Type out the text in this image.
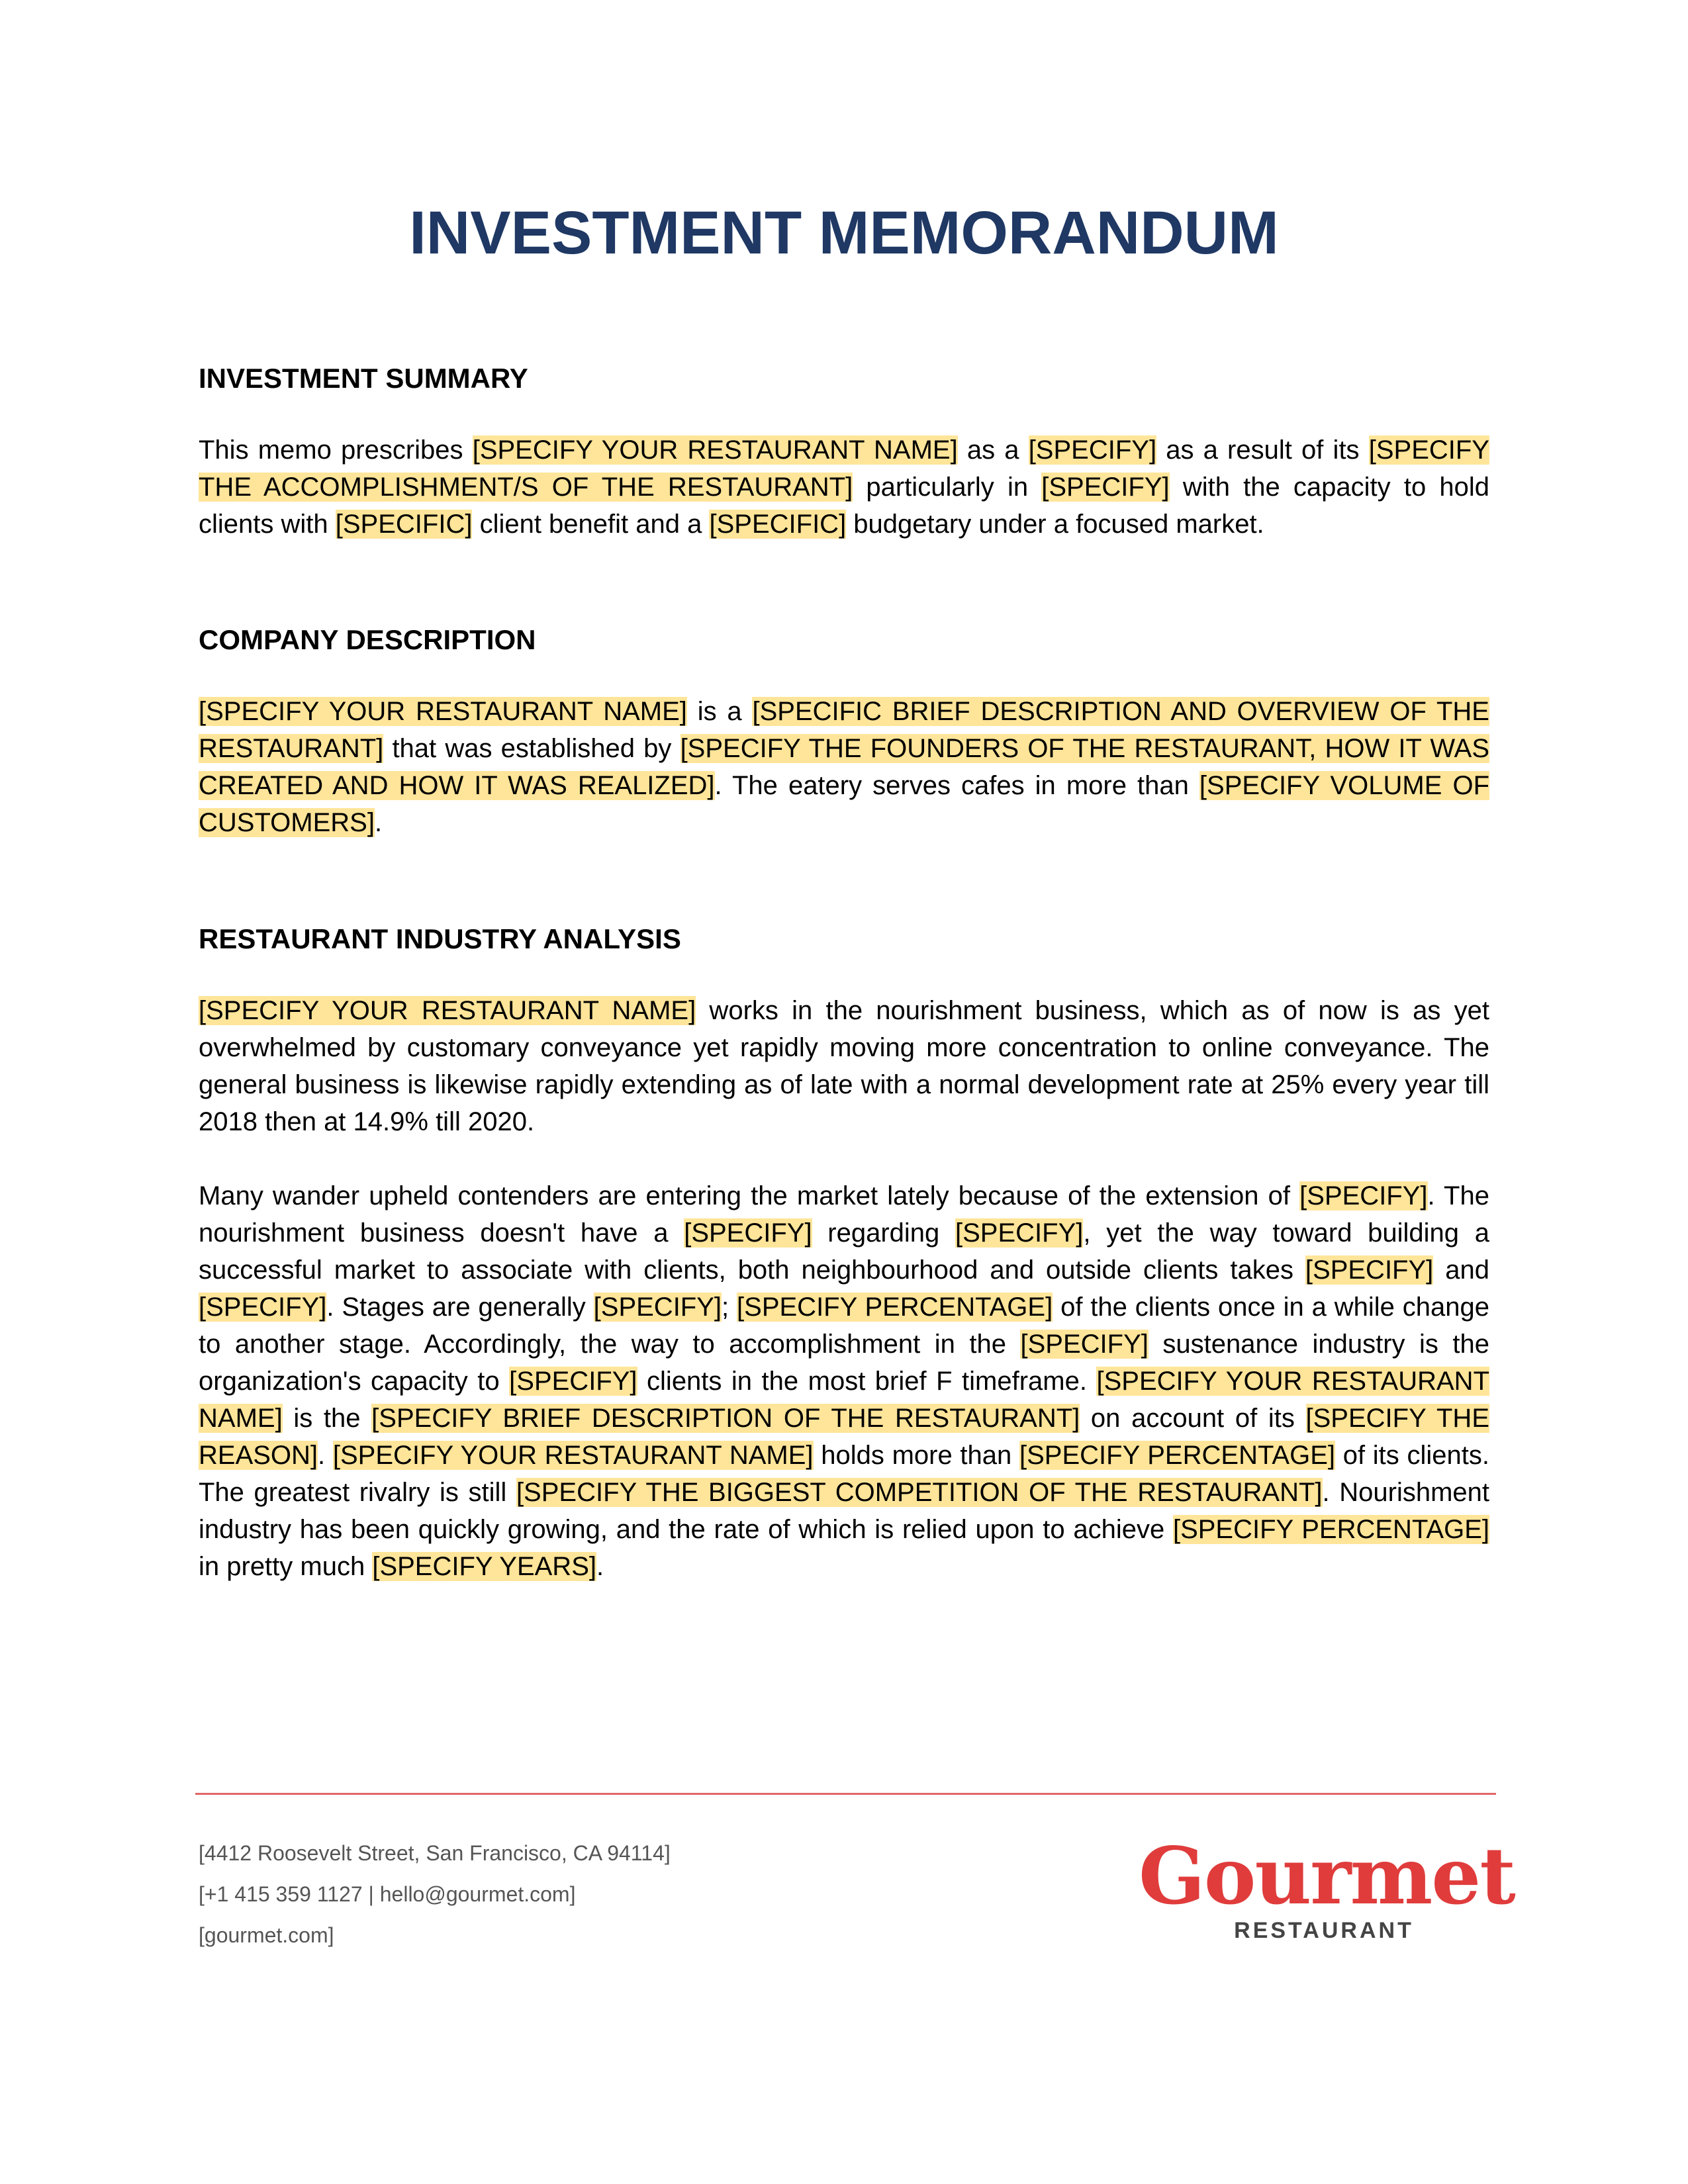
INVESTMENT MEMORANDUM
INVESTMENT SUMMARY

This memo prescribes [SPECIFY YOUR RESTAURANT NAME] as a [SPECIFY] as a result of its [SPECIFY THE ACCOMPLISHMENT/S OF THE RESTAURANT] particularly in [SPECIFY] with the capacity to hold clients with [SPECIFIC] client benefit and a [SPECIFIC] budgetary under a focused market.

COMPANY DESCRIPTION

[SPECIFY YOUR RESTAURANT NAME] is a [SPECIFIC BRIEF DESCRIPTION AND OVERVIEW OF THE RESTAURANT] that was established by [SPECIFY THE FOUNDERS OF THE RESTAURANT, HOW IT WAS CREATED AND HOW IT WAS REALIZED]. The eatery serves cafes in more than [SPECIFY VOLUME OF CUSTOMERS].

RESTAURANT INDUSTRY ANALYSIS

[SPECIFY YOUR RESTAURANT NAME] works in the nourishment business, which as of now is as yet overwhelmed by customary conveyance yet rapidly moving more concentration to online conveyance. The general business is likewise rapidly extending as of late with a normal development rate at 25% every year till 2018 then at 14.9% till 2020.

Many wander upheld contenders are entering the market lately because of the extension of [SPECIFY]. The nourishment business doesn't have a [SPECIFY] regarding [SPECIFY], yet the way toward building a successful market to associate with clients, both neighbourhood and outside clients takes [SPECIFY] and [SPECIFY]. Stages are generally [SPECIFY]; [SPECIFY PERCENTAGE] of the clients once in a while change to another stage. Accordingly, the way to accomplishment in the [SPECIFY] sustenance industry is the organization's capacity to [SPECIFY] clients in the most brief F timeframe. [SPECIFY YOUR RESTAURANT NAME] is the [SPECIFY BRIEF DESCRIPTION OF THE RESTAURANT] on account of its [SPECIFY THE REASON]. [SPECIFY YOUR RESTAURANT NAME] holds more than [SPECIFY PERCENTAGE] of its clients. The greatest rivalry is still [SPECIFY THE BIGGEST COMPETITION OF THE RESTAURANT]. Nourishment industry has been quickly growing, and the rate of which is relied upon to achieve [SPECIFY PERCENTAGE] in pretty much [SPECIFY YEARS].

[4412 Roosevelt Street, San Francisco, CA 94114]
[+1 415 359 1127 | hello@gourmet.com]
[gourmet.com]
Gourmet
RESTAURANT
